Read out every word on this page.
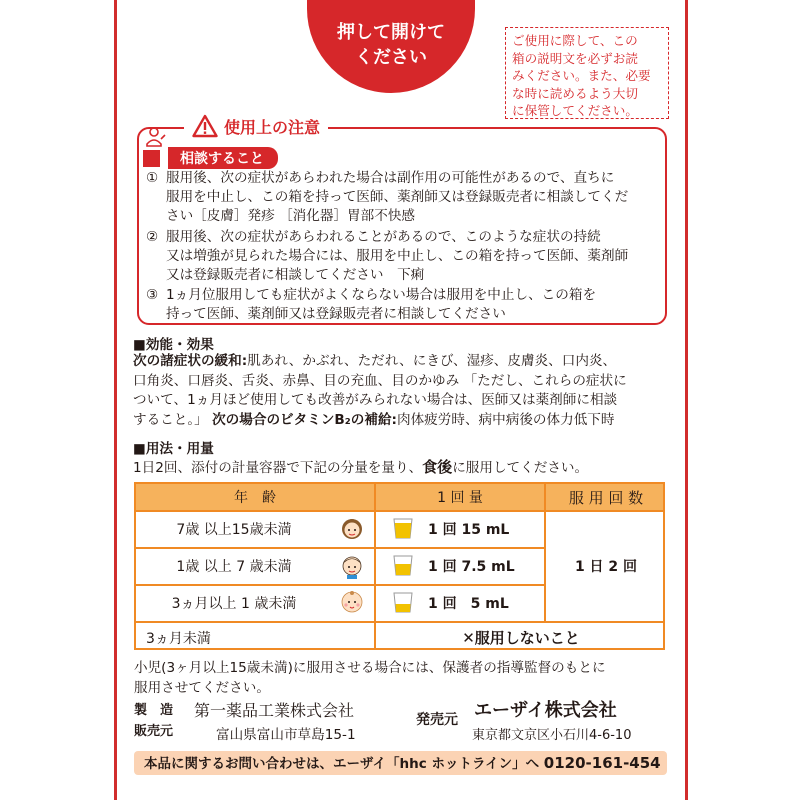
押して開けて
ください
ご使用に際して、この
箱の説明文を必ずお読
みください。また、必要
な時に読めるよう大切
に保管してください。
使用上の注意
相談すること
① 服用後、次の症状があらわれた場合は副作用の可能性があるので、直ちに
服用を中止し、この箱を持って医師、薬剤師又は登録販売者に相談してくだ
さい［皮膚］発疹 ［消化器］胃部不快感
② 服用後、次の症状があらわれることがあるので、このような症状の持続
又は増強が見られた場合には、服用を中止し、この箱を持って医師、薬剤師
又は登録販売者に相談してください　下痢
③ 1ヵ月位服用しても症状がよくならない場合は服用を中止し、この箱を
持って医師、薬剤師又は登録販売者に相談してください
■効能・効果
次の諸症状の緩和:肌あれ、かぶれ、ただれ、にきび、湿疹、皮膚炎、口内炎、
口角炎、口唇炎、舌炎、赤鼻、目の充血、目のかゆみ 「ただし、これらの症状に
ついて、1ヵ月ほど使用しても改善がみられない場合は、医師又は薬剤師に相談
すること。」 次の場合のビタミンB₂の補給:肉体疲労時、病中病後の体力低下時
■用法・用量
1日2回、添付の計量容器で下記の分量を量り、食後に服用してください。
年　齢	1 回 量	服 用 回 数
7歳 以上15歳未満	1 回 15 mL
1歳 以上 7 歳未満	1 回 7.5 mL
3ヵ月以上 1 歳未満	1 回　5 mL
1 日 2 回
3ヵ月未満	✕服用しないこと
小児(3ヶ月以上15歳未満)に服用させる場合には、保護者の指導監督のもとに
服用させてください。
製　造
販売元
第一薬品工業株式会社
富山県富山市草島15-1
発売元 エーザイ株式会社
東京都文京区小石川4-6-10
本品に関するお問い合わせは、エーザイ「hhc ホットライン」へ 0120-161-454
